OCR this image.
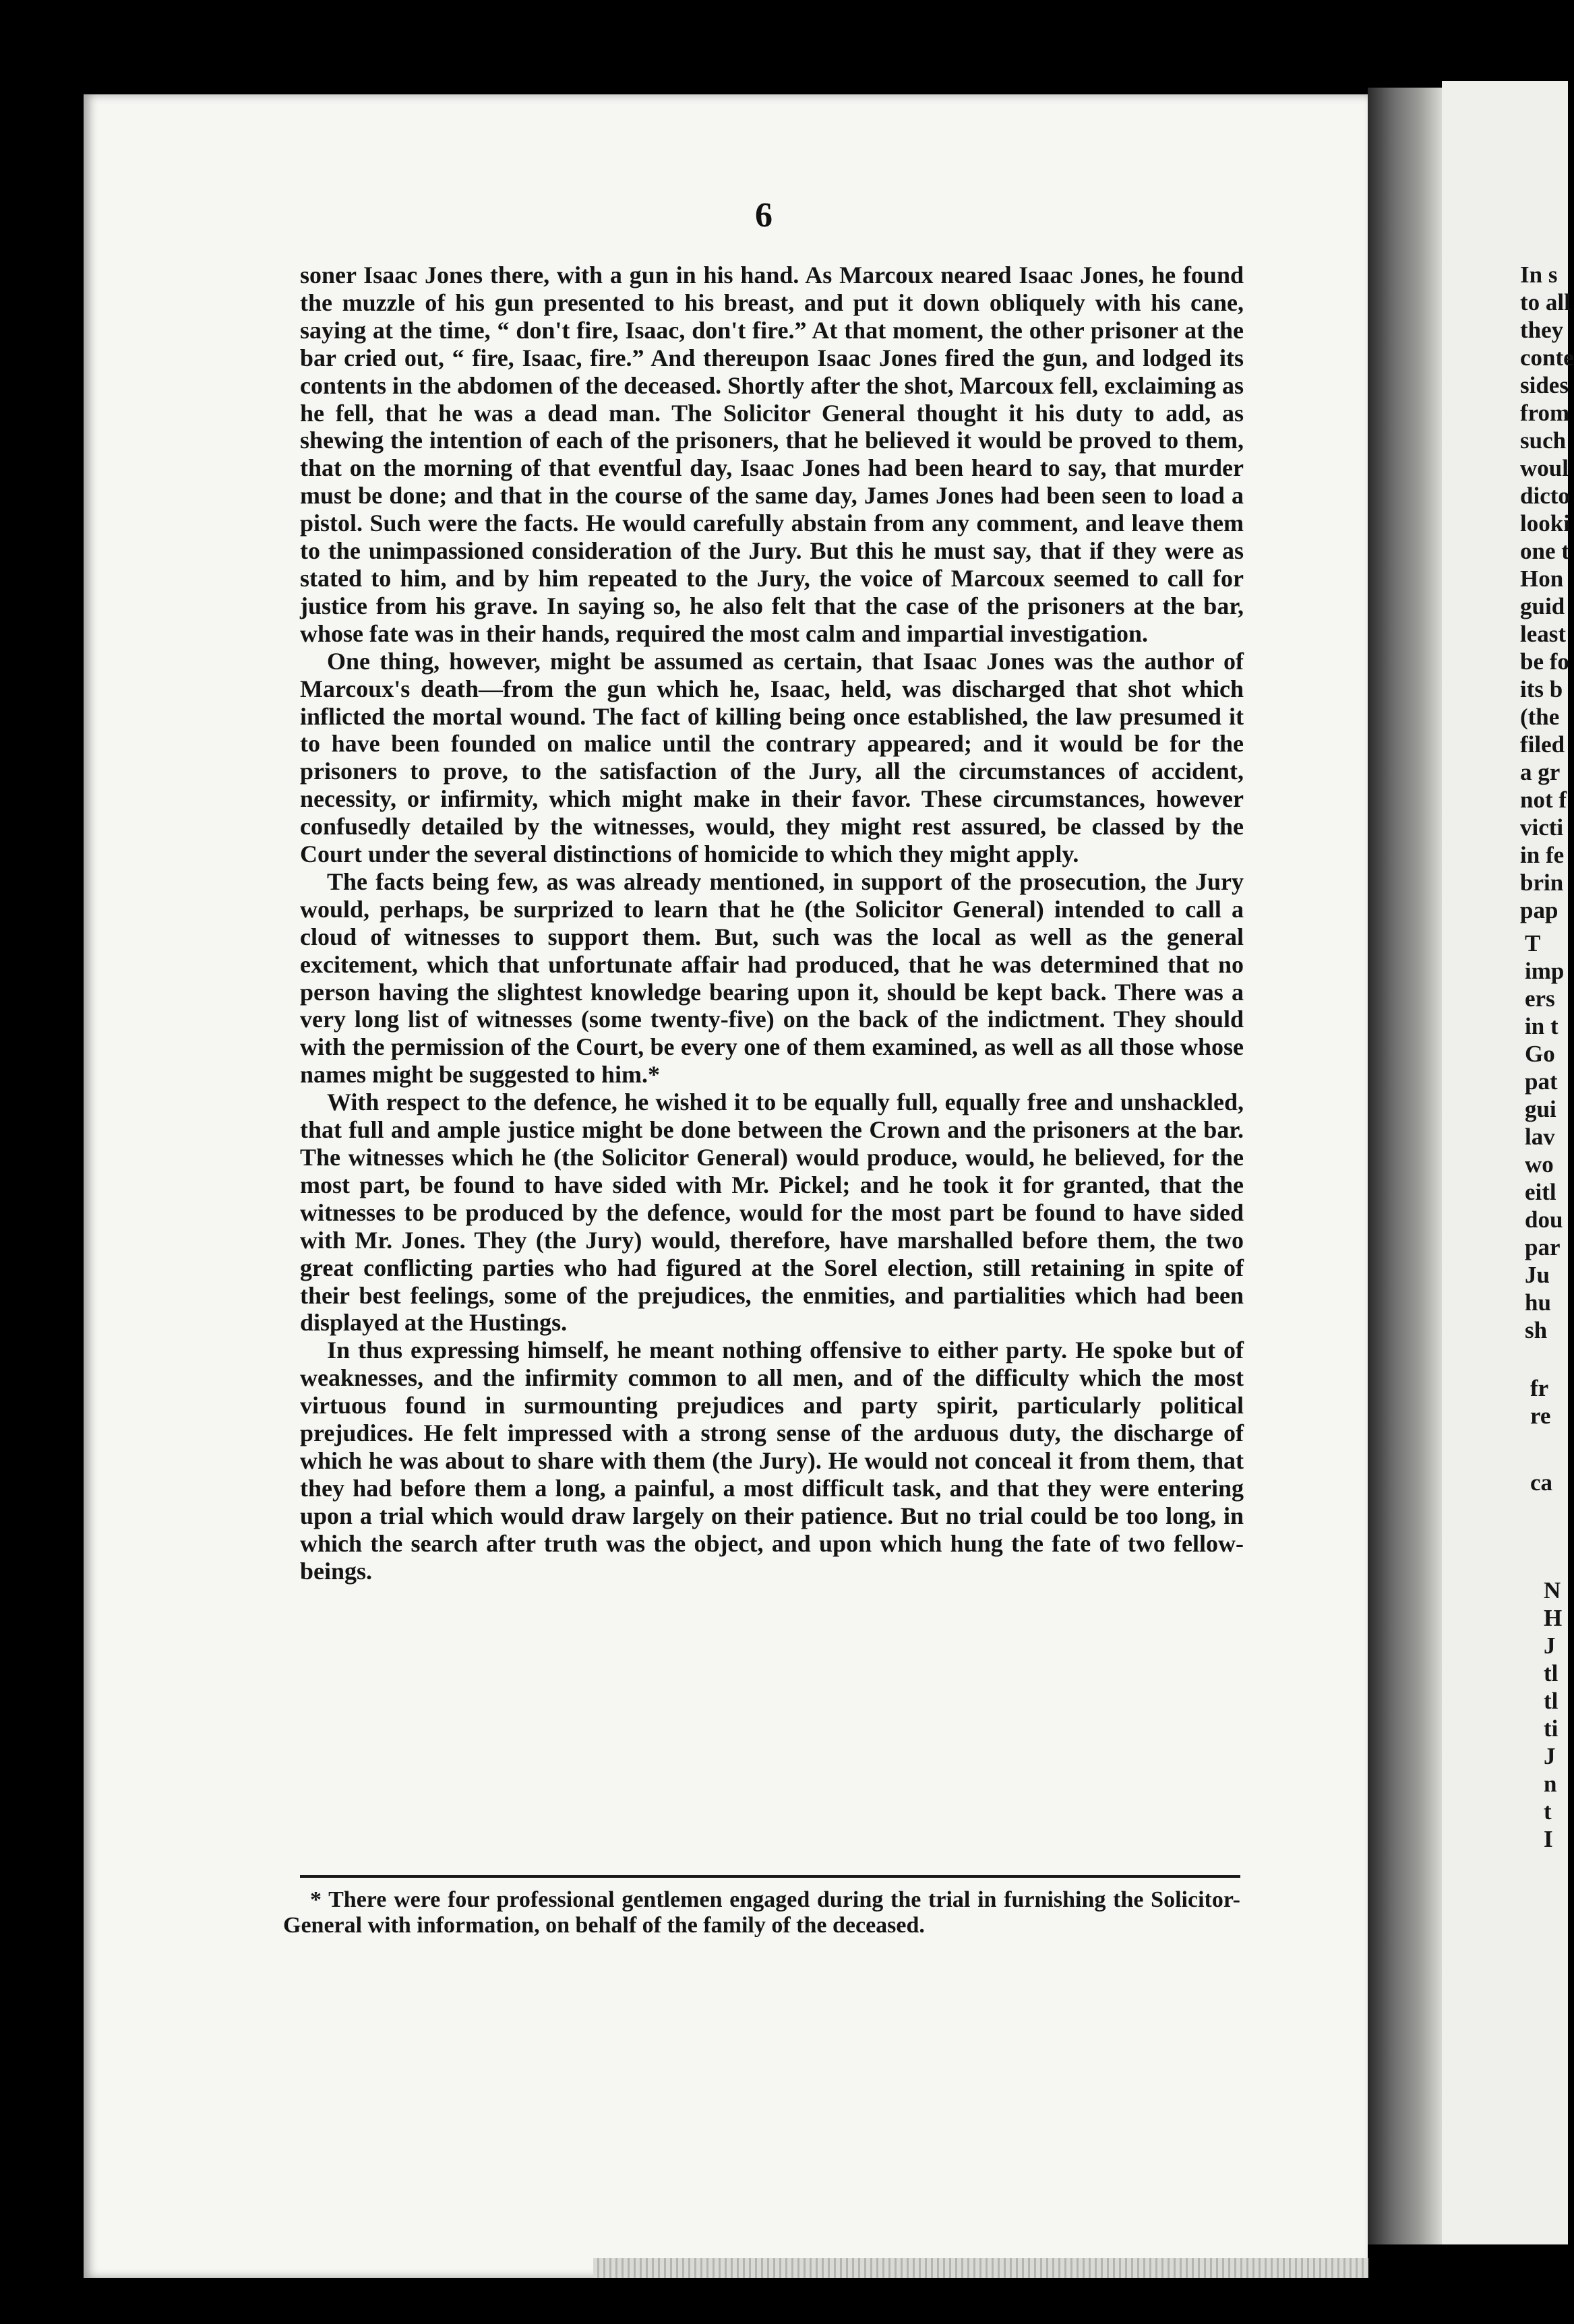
6

soner Isaac Jones there, with a gun in his hand. As Marcoux neared Isaac Jones, he found the muzzle of his gun presented to his breast, and put it down obliquely with his cane, saying at the time, “ don't fire, Isaac, don't fire.” At that moment, the other prisoner at the bar cried out, “ fire, Isaac, fire.” And thereupon Isaac Jones fired the gun, and lodged its contents in the abdomen of the deceased. Shortly after the shot, Marcoux fell, exclaiming as he fell, that he was a dead man. The Solicitor General thought it his duty to add, as shewing the intention of each of the prisoners, that he believed it would be proved to them, that on the morning of that eventful day, Isaac Jones had been heard to say, that murder must be done; and that in the course of the same day, James Jones had been seen to load a pistol. Such were the facts. He would carefully abstain from any comment, and leave them to the unimpassioned consideration of the Jury. But this he must say, that if they were as stated to him, and by him repeated to the Jury, the voice of Marcoux seemed to call for justice from his grave. In saying so, he also felt that the case of the prisoners at the bar, whose fate was in their hands, required the most calm and impartial investigation.

One thing, however, might be assumed as certain, that Isaac Jones was the author of Marcoux's death—from the gun which he, Isaac, held, was discharged that shot which inflicted the mortal wound. The fact of killing being once established, the law presumed it to have been founded on malice until the contrary appeared; and it would be for the prisoners to prove, to the satisfaction of the Jury, all the circumstances of accident, necessity, or infirmity, which might make in their favor. These circumstances, however confusedly detailed by the witnesses, would, they might rest assured, be classed by the Court under the several distinctions of homicide to which they might apply.

The facts being few, as was already mentioned, in support of the prosecution, the Jury would, perhaps, be surprized to learn that he (the Solicitor General) intended to call a cloud of witnesses to support them. But, such was the local as well as the general excitement, which that unfortunate affair had produced, that he was determined that no person having the slightest knowledge bearing upon it, should be kept back. There was a very long list of witnesses (some twenty-five) on the back of the indictment. They should with the permission of the Court, be every one of them examined, as well as all those whose names might be suggested to him.*

With respect to the defence, he wished it to be equally full, equally free and unshackled, that full and ample justice might be done between the Crown and the prisoners at the bar. The witnesses which he (the Solicitor General) would produce, would, he believed, for the most part, be found to have sided with Mr. Pickel; and he took it for granted, that the witnesses to be produced by the defence, would for the most part be found to have sided with Mr. Jones. They (the Jury) would, therefore, have marshalled before them, the two great conflicting parties who had figured at the Sorel election, still retaining in spite of their best feelings, some of the prejudices, the enmities, and partialities which had been displayed at the Hustings.

In thus expressing himself, he meant nothing offensive to either party. He spoke but of weaknesses, and the infirmity common to all men, and of the difficulty which the most virtuous found in surmounting prejudices and party spirit, particularly political prejudices. He felt impressed with a strong sense of the arduous duty, the discharge of which he was about to share with them (the Jury). He would not conceal it from them, that they had before them a long, a painful, a most difficult task, and that they were entering upon a trial which would draw largely on their patience. But no trial could be too long, in which the search after truth was the object, and upon which hung the fate of two fellow-beings.

* There were four professional gentlemen engaged during the trial in furnishing the Solicitor-General with information, on behalf of the family of the deceased.
In s
to all
they
conte
sides
from
such
woul
dicto
looki
one t
Hon
guid
least
be fo
its b
(the
filed
a gr
not f
victi
in fe
brin
pap
T
imp
ers
in t
Go
pat
gui
lav
wo
eitl
dou
par
Ju
hu
sh
fr
re
ca
N
H
J
tl
tl
ti
J
n
t
I
